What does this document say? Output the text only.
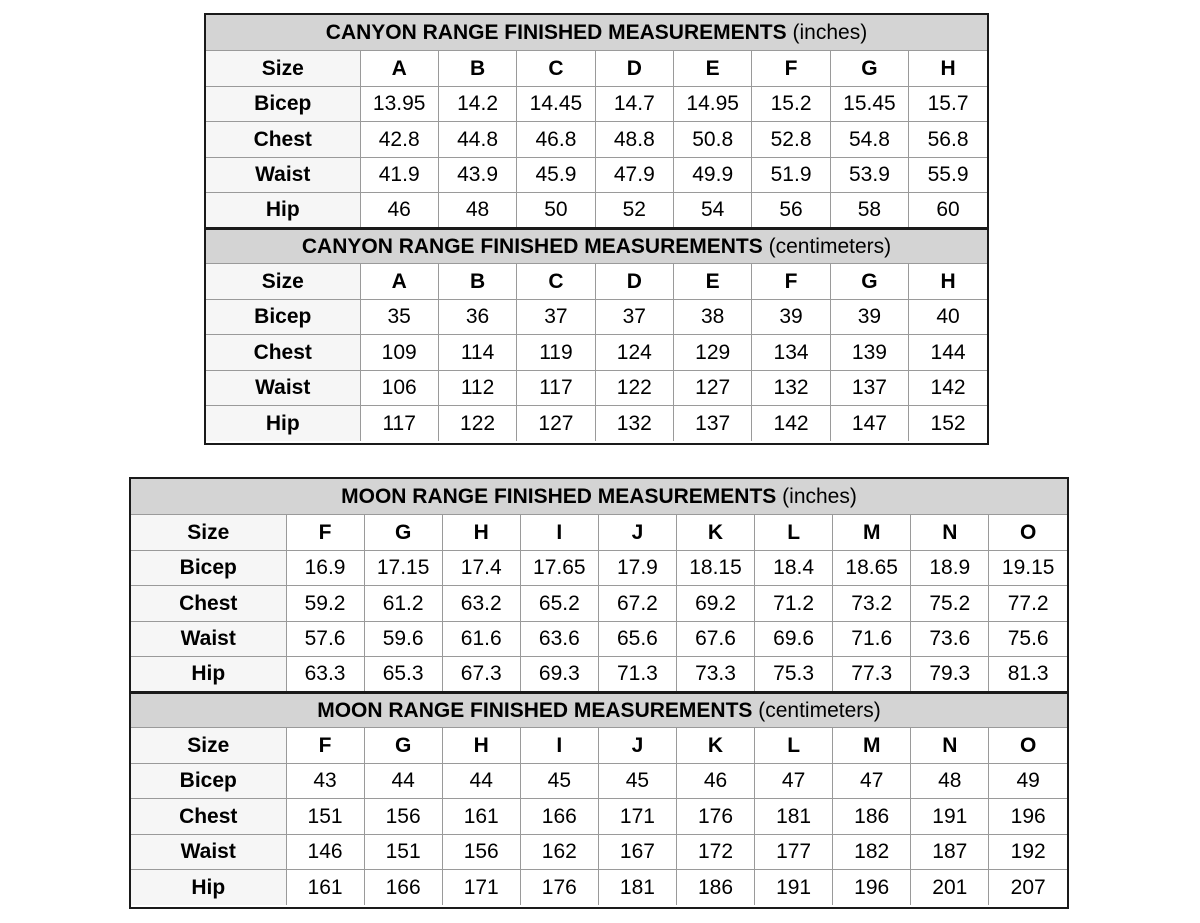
CANYON RANGE FINISHED MEASUREMENTS (inches)								
Size	A	B	C	D	E	F	G	H
Bicep	13.95	14.2	14.45	14.7	14.95	15.2	15.45	15.7
Chest	42.8	44.8	46.8	48.8	50.8	52.8	54.8	56.8
Waist	41.9	43.9	45.9	47.9	49.9	51.9	53.9	55.9
Hip	46	48	50	52	54	56	58	60
CANYON RANGE FINISHED MEASUREMENTS (centimeters)								
Size	A	B	C	D	E	F	G	H
Bicep	35	36	37	37	38	39	39	40
Chest	109	114	119	124	129	134	139	144
Waist	106	112	117	122	127	132	137	142
Hip	117	122	127	132	137	142	147	152
MOON RANGE FINISHED MEASUREMENTS (inches)										
Size	F	G	H	I	J	K	L	M	N	O
Bicep	16.9	17.15	17.4	17.65	17.9	18.15	18.4	18.65	18.9	19.15
Chest	59.2	61.2	63.2	65.2	67.2	69.2	71.2	73.2	75.2	77.2
Waist	57.6	59.6	61.6	63.6	65.6	67.6	69.6	71.6	73.6	75.6
Hip	63.3	65.3	67.3	69.3	71.3	73.3	75.3	77.3	79.3	81.3
MOON RANGE FINISHED MEASUREMENTS (centimeters)										
Size	F	G	H	I	J	K	L	M	N	O
Bicep	43	44	44	45	45	46	47	47	48	49
Chest	151	156	161	166	171	176	181	186	191	196
Waist	146	151	156	162	167	172	177	182	187	192
Hip	161	166	171	176	181	186	191	196	201	207
